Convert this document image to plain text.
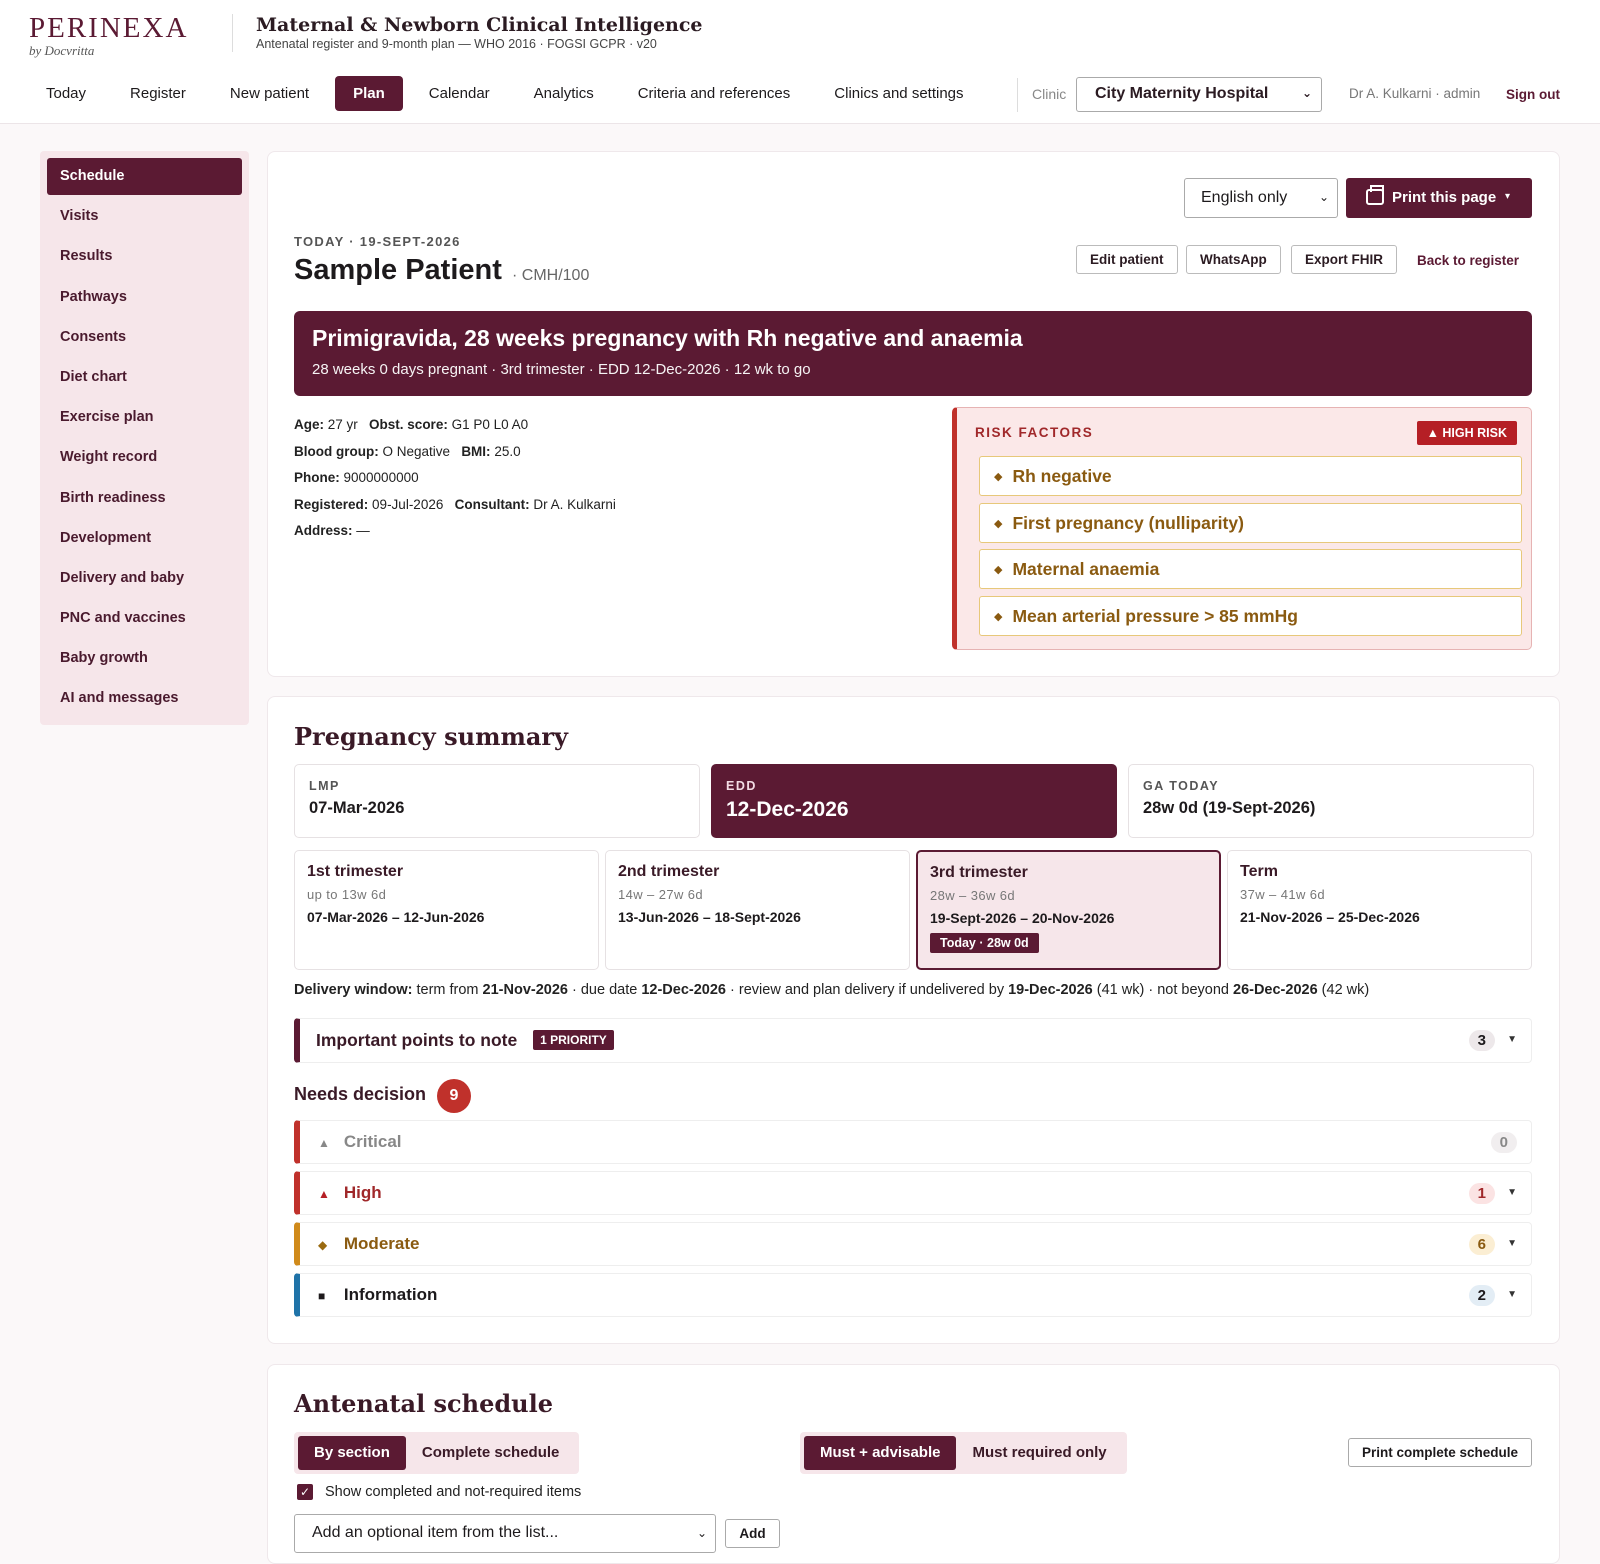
PERINEXA
by Docvritta
Maternal & Newborn Clinical Intelligence

Antenatal register and 9-month plan — WHO 2016 · FOGSI GCPR · v20

Today	Register	New patient	Plan	Calendar	Analytics	Criteria and references	Clinics and settings	Clinic	City Maternity Hospital	⌄	Dr A. Kulkarni · admin Sign out
Schedule
Visits
Results
Pathways
Consents
Diet chart
Exercise plan
Weight record
Birth readiness
Development
Delivery and baby
PNC and vaccines
Baby growth
AI and messages
English only	⌄	Print this page ▾
TODAY · 19-SEPT-2026
Sample Patient · CMH/100
Edit patient	WhatsApp	Export FHIR	Back to register
Primigravida, 28 weeks pregnancy with Rh negative and anaemia

28 weeks 0 days pregnant · 3rd trimester · EDD 12-Dec-2026 · 12 wk to go

Age: 27 yr Obst. score: G1 P0 L0 A0
Blood group: O Negative BMI: 25.0
Phone: 9000000000
Registered: 09-Jul-2026 Consultant: Dr A. Kulkarni
Address: —
RISK FACTORS	▲ HIGH RISK
◆ Rh negative
◆ First pregnancy (nulliparity)
◆ Maternal anaemia
◆ Mean arterial pressure > 85 mmHg
Pregnancy summary
LMP
07-Mar-2026
EDD
12-Dec-2026
GA TODAY
28w 0d (19-Sept-2026)
1st trimester
up to 13w 6d
07-Mar-2026 – 12-Jun-2026
2nd trimester
14w – 27w 6d
13-Jun-2026 – 18-Sept-2026
3rd trimester
28w – 36w 6d
19-Sept-2026 – 20-Nov-2026
Today · 28w 0d
Term
37w – 41w 6d
21-Nov-2026 – 25-Dec-2026
Delivery window: term from 21-Nov-2026 · due date 12-Dec-2026 · review and plan delivery if undelivered by 19-Dec-2026 (41 wk) · not beyond 26-Dec-2026 (42 wk)
Important points to note 1 PRIORITY	3	▼
Needs decision	9
▲ Critical	0
▲ High	1	▼
◆ Moderate	6	▼
■ Information	2	▼
Antenatal schedule
By section	Complete schedule	Must + advisable	Must required only	Print complete schedule
✓ Show completed and not-required items
Add an optional item from the list...	⌄	Add
